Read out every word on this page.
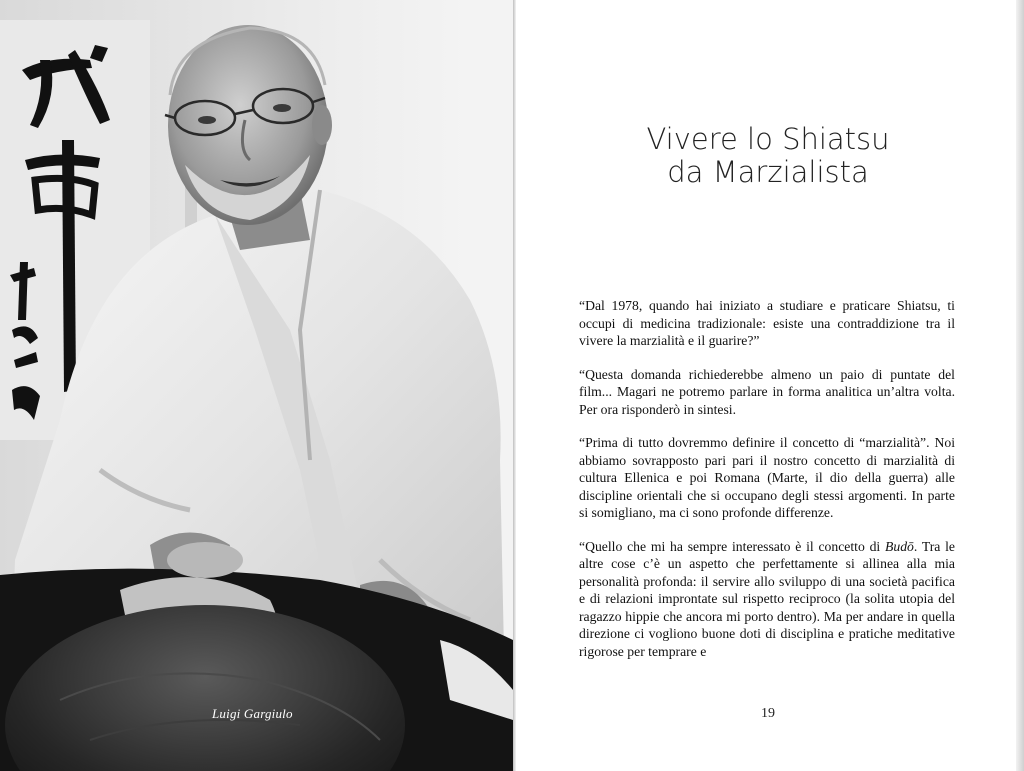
Luigi Gargiulo
Vivere lo Shiatsu
da Marzialista

“Dal 1978, quando hai iniziato a studiare e praticare Shiatsu, ti occupi di medicina tradizionale: esiste una contraddizione tra il vivere la marzialità e il guarire?”

“Questa domanda richiederebbe almeno un paio di puntate del film... Magari ne potremo parlare in forma analitica un’altra volta. Per ora risponderò in sintesi.

“Prima di tutto dovremmo definire il concetto di “marzialità”. Noi abbiamo sovrapposto pari pari il nostro concetto di marzialità di cultura Ellenica e poi Romana (Marte, il dio della guerra) alle discipline orientali che si occupano degli stessi argomenti. In parte si somigliano, ma ci sono profonde differenze.

“Quello che mi ha sempre interessato è il concetto di Budō. Tra le altre cose c’è un aspetto che perfettamente si allinea alla mia personalità profonda: il servire allo sviluppo di una società pacifica e di relazioni improntate sul rispetto reciproco (la solita utopia del ragazzo hippie che ancora mi porto dentro). Ma per andare in quella direzione ci vogliono buone doti di disciplina e pratiche meditative rigorose per temprare e

19
